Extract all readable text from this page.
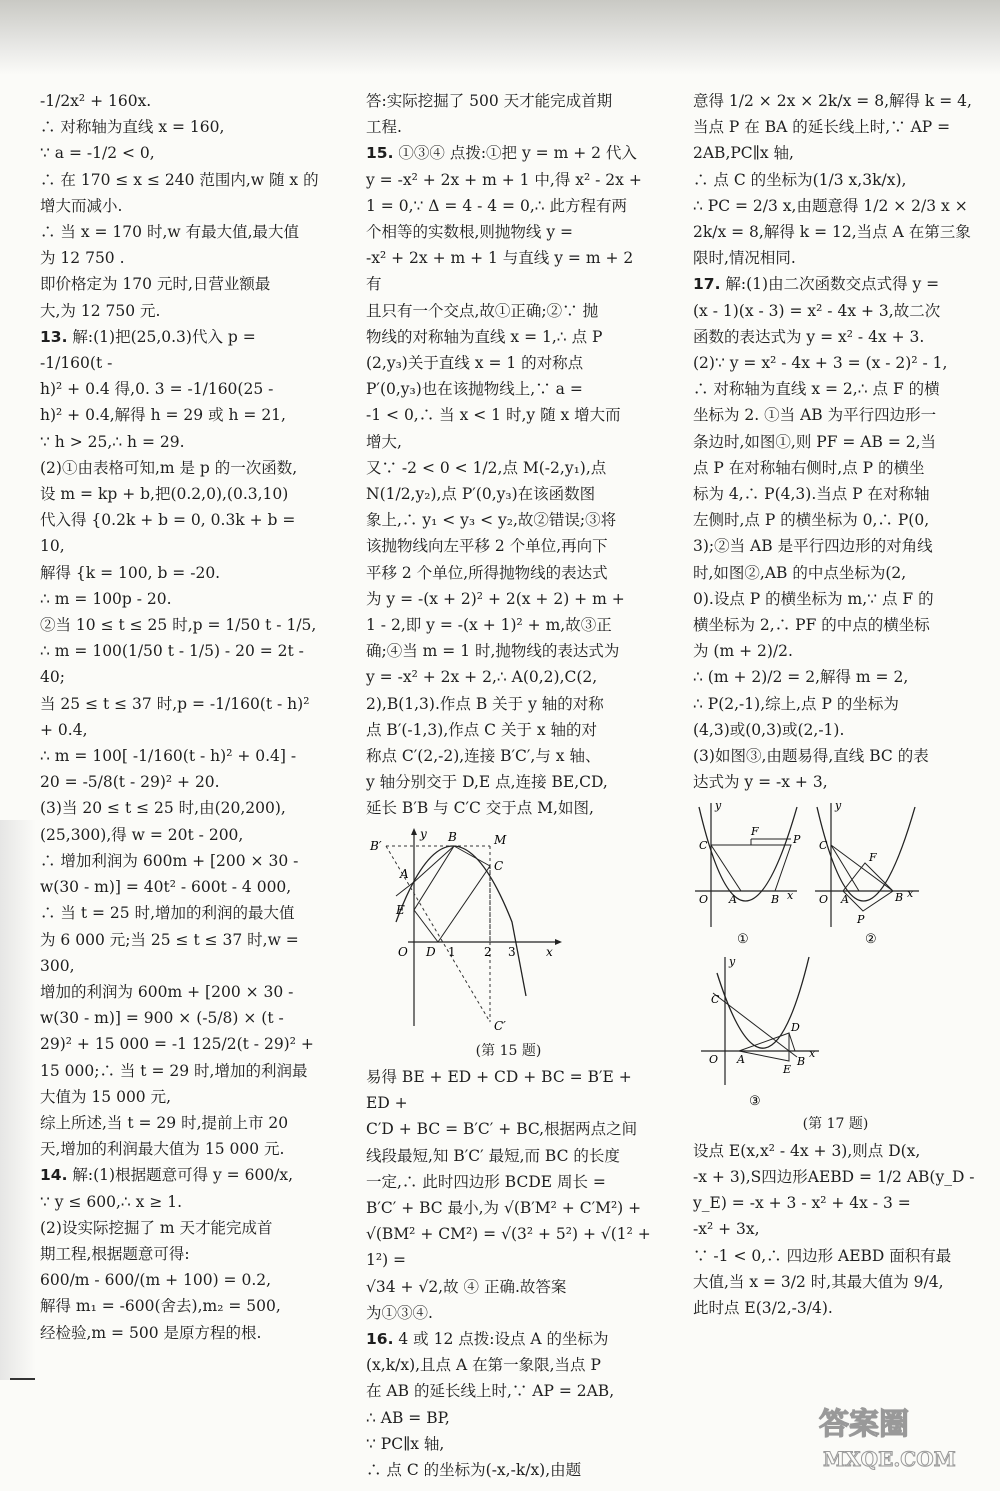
-1/2x² + 160x.

∴ 对称轴为直线 x = 160,

∵ a = -1/2 < 0,

∴ 在 170 ≤ x ≤ 240 范围内,w 随 x 的

增大而减小.

∴ 当 x = 170 时,w 有最大值,最大值

为 12 750 .

即价格定为 170 元时,日营业额最

大,为 12 750 元.

13. 解:(1)把(25,0.3)代入 p = -1/160(t -

h)² + 0.4 得,0. 3 = -1/160(25 -

h)² + 0.4,解得 h = 29 或 h = 21,

∵ h > 25,∴ h = 29.

(2)①由表格可知,m 是 p 的一次函数,

设 m = kp + b,把(0.2,0),(0.3,10)

代入得 {0.2k + b = 0, 0.3k + b = 10,

解得 {k = 100, b = -20.

∴ m = 100p - 20.

②当 10 ≤ t ≤ 25 时,p = 1/50 t - 1/5,

∴ m = 100(1/50 t - 1/5) - 20 = 2t - 40;

当 25 ≤ t ≤ 37 时,p = -1/160(t - h)² + 0.4,

∴ m = 100[ -1/160(t - h)² + 0.4] -

20 = -5/8(t - 29)² + 20.

(3)当 20 ≤ t ≤ 25 时,由(20,200),

(25,300),得 w = 20t - 200,

∴ 增加利润为 600m + [200 × 30 -

w(30 - m)] = 40t² - 600t - 4 000,

∴ 当 t = 25 时,增加的利润的最大值

为 6 000 元;当 25 ≤ t ≤ 37 时,w = 300,

增加的利润为 600m + [200 × 30 -

w(30 - m)] = 900 × (-5/8) × (t -

29)² + 15 000 = -1 125/2(t - 29)² +

15 000;∴ 当 t = 29 时,增加的利润最

大值为 15 000 元,

综上所述,当 t = 29 时,提前上市 20

天,增加的利润最大值为 15 000 元.

14. 解:(1)根据题意可得 y = 600/x,

∵ y ≤ 600,∴ x ≥ 1.

(2)设实际挖掘了 m 天才能完成首

期工程,根据题意可得:

600/m - 600/(m + 100) = 0.2,

解得 m₁ = -600(舍去),m₂ = 500,

经检验,m = 500 是原方程的根.

答:实际挖掘了 500 天才能完成首期

工程.

15. ①③④ 点拨:①把 y = m + 2 代入

y = -x² + 2x + m + 1 中,得 x² - 2x +

1 = 0,∵ Δ = 4 - 4 = 0,∴ 此方程有两

个相等的实数根,则抛物线 y =

-x² + 2x + m + 1 与直线 y = m + 2 有

且只有一个交点,故①正确;②∵ 抛

物线的对称轴为直线 x = 1,∴ 点 P

(2,y₃)关于直线 x = 1 的对称点

P′(0,y₃)也在该抛物线上,∵ a =

-1 < 0,∴ 当 x < 1 时,y 随 x 增大而

增大,

又∵ -2 < 0 < 1/2,点 M(-2,y₁),点

N(1/2,y₂),点 P′(0,y₃)在该函数图

象上,∴ y₁ < y₃ < y₂,故②错误;③将

该抛物线向左平移 2 个单位,再向下

平移 2 个单位,所得抛物线的表达式

为 y = -(x + 2)² + 2(x + 2) + m +

1 - 2,即 y = -(x + 1)² + m,故③正

确;④当 m = 1 时,抛物线的表达式为

y = -x² + 2x + 2,∴ A(0,2),C(2,

2),B(1,3).作点 B 关于 y 轴的对称

点 B′(-1,3),作点 C 关于 x 轴的对

称点 C′(2,-2),连接 B′C′,与 x 轴、

y 轴分别交于 D,E 点,连接 BE,CD,

延长 B′B 与 C′C 交于点 M,如图,

y
B′
B	M
A
C
E
O D 1 2 3	x
C′

(第 15 题)

易得 BE + ED + CD + BC = B′E + ED +

C′D + BC = B′C′ + BC,根据两点之间

线段最短,知 B′C′ 最短,而 BC 的长度

一定,∴ 此时四边形 BCDE 周长 =

B′C′ + BC 最小,为 √(B′M² + C′M²) +

√(BM² + CM²) = √(3² + 5²) + √(1² + 1²) =

√34 + √2,故 ④ 正确.故答案

为①③④.

16. 4 或 12 点拨:设点 A 的坐标为

(x,k/x),且点 A 在第一象限,当点 P

在 AB 的延长线上时,∵ AP = 2AB,

∴ AB = BP,

∵ PC∥x 轴,

∴ 点 C 的坐标为(-x,-k/x),由题

意得 1/2 × 2x × 2k/x = 8,解得 k = 4,

当点 P 在 BA 的延长线上时,∵ AP =

2AB,PC∥x 轴,

∴ 点 C 的坐标为(1/3 x,3k/x),

∴ PC = 2/3 x,由题意得 1/2 × 2/3 x ×

2k/x = 8,解得 k = 12,当点 A 在第三象

限时,情况相同.

17. 解:(1)由二次函数交点式得 y =

(x - 1)(x - 3) = x² - 4x + 3,故二次

函数的表达式为 y = x² - 4x + 3.

(2)∵ y = x² - 4x + 3 = (x - 2)² - 1,

∴ 对称轴为直线 x = 2,∴ 点 F 的横

坐标为 2. ①当 AB 为平行四边形一

条边时,如图①,则 PF = AB = 2,当

点 P 在对称轴右侧时,点 P 的横坐

标为 4,∴ P(4,3).当点 P 在对称轴

左侧时,点 P 的横坐标为 0,∴ P(0,

3);②当 AB 是平行四边形的对角线

时,如图②,AB 的中点坐标为(2,

0).设点 P 的横坐标为 m,∵ 点 F 的

横坐标为 2,∴ PF 的中点的横坐标

为 (m + 2)/2.

∴ (m + 2)/2 = 2,解得 m = 2,

∴ P(2,-1),综上,点 P 的坐标为

(4,3)或(0,3)或(2,-1).

(3)如图③,由题易得,直线 BC 的表

达式为 y = -x + 3,

y
F
P
C
O A	B x
①
y
C
F
O A	B x
P
②
y
C
D
O A
E
B
x
③

(第 17 题)

设点 E(x,x² - 4x + 3),则点 D(x,

-x + 3),S四边形AEBD = 1/2 AB(y_D -

y_E) = -x + 3 - x² + 4x - 3 =

-x² + 3x,

∵ -1 < 0,∴ 四边形 AEBD 面积有最

大值,当 x = 3/2 时,其最大值为 9/4,

此时点 E(3/2,-3/4).

答案圈
MXQE.COM
